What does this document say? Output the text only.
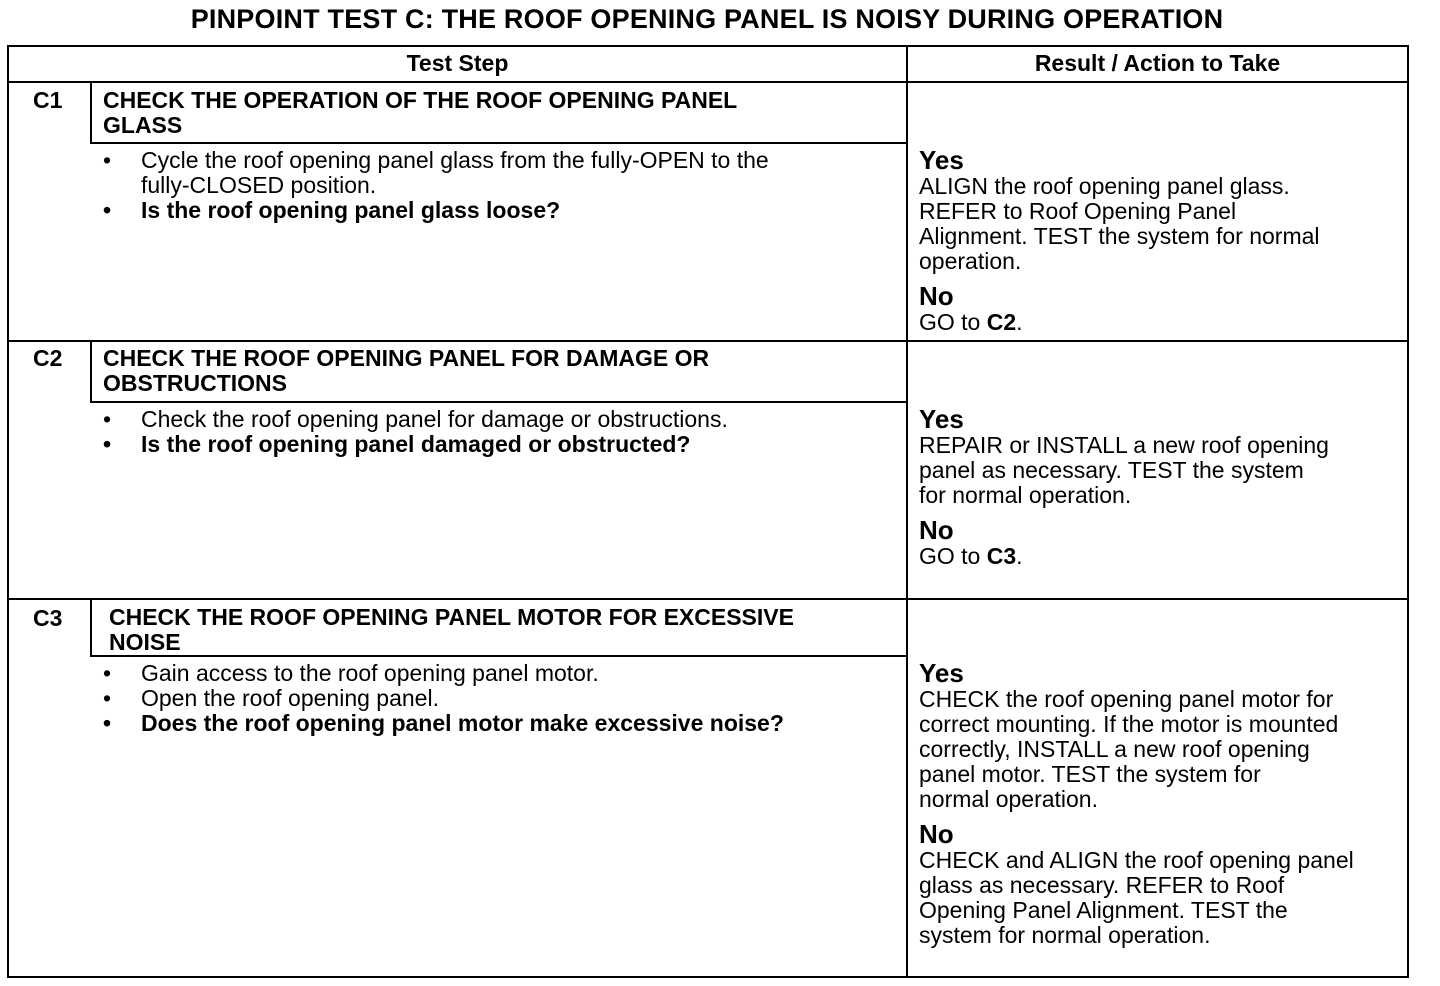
PINPOINT TEST C: THE ROOF OPENING PANEL IS NOISY DURING OPERATION
Test Step	Result / Action to Take
C1 CHECK THE OPERATION OF THE ROOF OPENING PANEL
GLASS
• Cycle the roof opening panel glass from the fully-OPEN to the
fully-CLOSED position.
• Is the roof opening panel glass loose?
Yes
ALIGN the roof opening panel glass.
REFER to Roof Opening Panel
Alignment. TEST the system for normal
operation.
No
GO to C2.
C2 CHECK THE ROOF OPENING PANEL FOR DAMAGE OR
OBSTRUCTIONS
• Check the roof opening panel for damage or obstructions.
• Is the roof opening panel damaged or obstructed?
Yes
REPAIR or INSTALL a new roof opening
panel as necessary. TEST the system
for normal operation.
No
GO to C3.
C3 CHECK THE ROOF OPENING PANEL MOTOR FOR EXCESSIVE
NOISE
• Gain access to the roof opening panel motor.
• Open the roof opening panel.
• Does the roof opening panel motor make excessive noise?
Yes
CHECK the roof opening panel motor for
correct mounting. If the motor is mounted
correctly, INSTALL a new roof opening
panel motor. TEST the system for
normal operation.
No
CHECK and ALIGN the roof opening panel
glass as necessary. REFER to Roof
Opening Panel Alignment. TEST the
system for normal operation.
